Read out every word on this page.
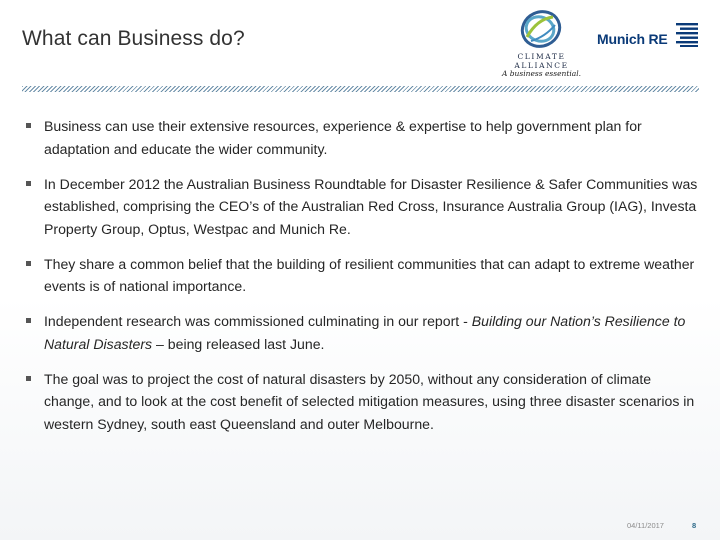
What can Business do?
CLIMATE ALLIANCE
A business essential.
Munich RE
Business can use their extensive resources, experience & expertise to help government plan for adaptation and educate the wider community.
In December 2012 the Australian Business Roundtable for Disaster Resilience & Safer Communities was established, comprising the CEO’s of the Australian Red Cross, Insurance Australia Group (IAG), Investa Property Group, Optus, Westpac and Munich Re.
They share a common belief that the building of resilient communities that can adapt to extreme weather events is of national importance.
Independent research was commissioned culminating in our report - Building our Nation’s Resilience to Natural Disasters – being released last June.
The goal was to project the cost of natural disasters by 2050, without any consideration of climate change, and to look at the cost benefit of selected mitigation measures, using three disaster scenarios in western Sydney, south east Queensland and outer Melbourne.
04/11/2017	8
